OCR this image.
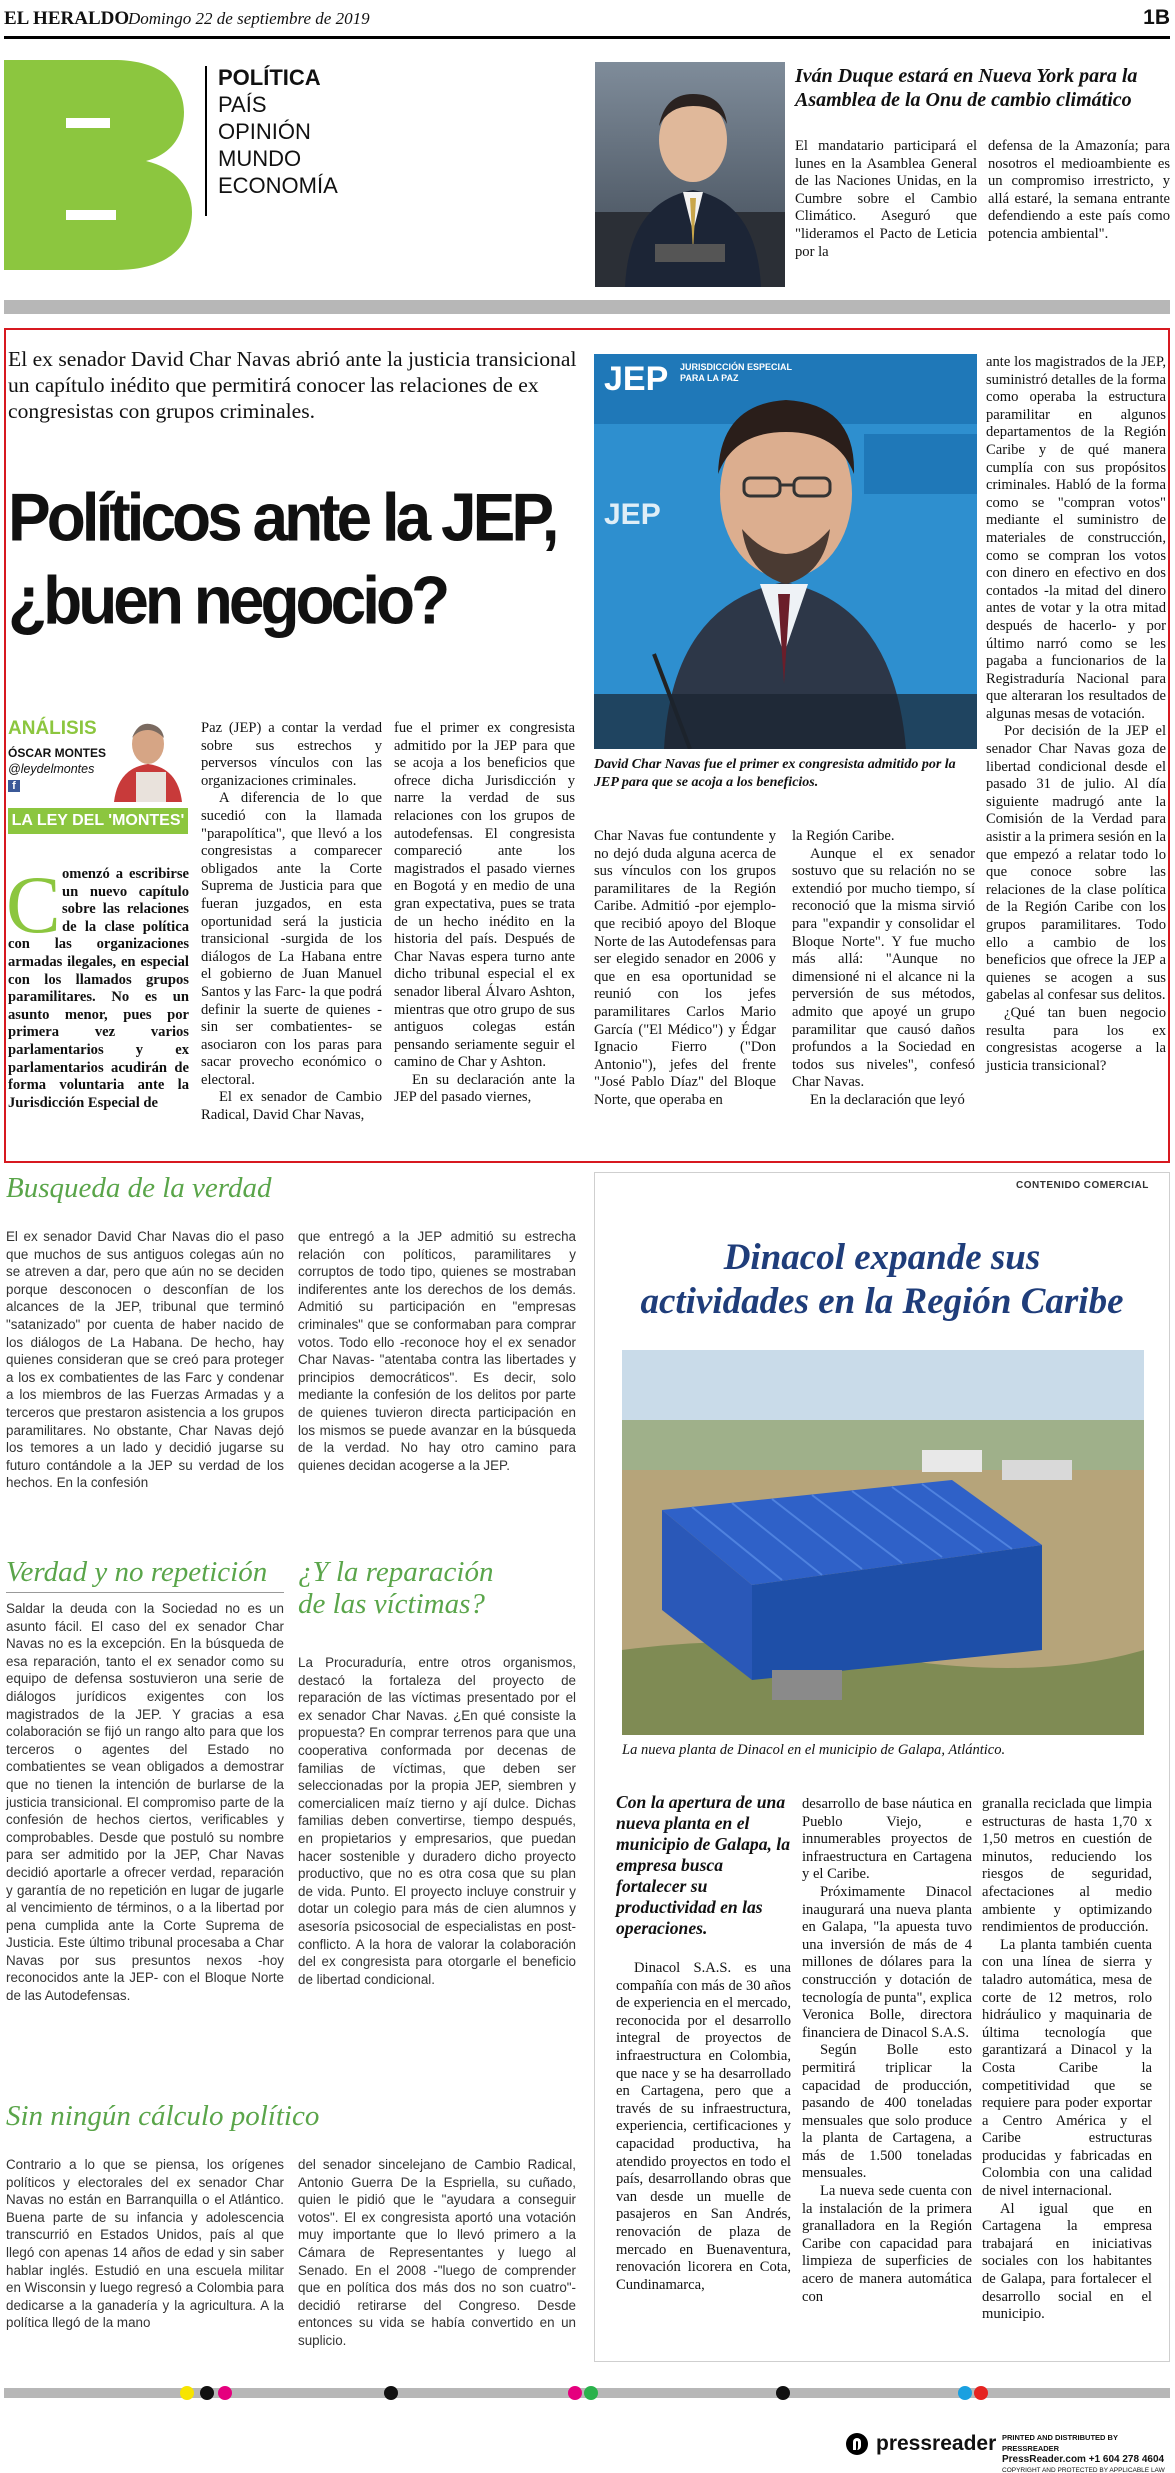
EL HERALDO
Domingo 22 de septiembre de 2019	1B
POLÍTICA
PAÍS
OPINIÓN
MUNDO
ECONOMÍA
Iván Duque estará en Nueva York para la Asamblea de la Onu de cambio climático
El mandatario participará el lunes en la Asamblea General de las Naciones Unidas, en la Cumbre sobre el Cambio Climático. Aseguró que "lideramos el Pacto de Leticia por la
defensa de la Amazonía; para nosotros el medioambiente es un compromiso irrestricto, y allá estaré, la semana entrante defendiendo a este país como potencia ambiental".
El ex senador David Char Navas abrió ante la justicia transicional un capítulo inédito que permitirá conocer las relaciones de ex congresistas con grupos criminales.
Políticos ante la JEP,
¿buen negocio?
ANÁLISIS
ÓSCAR MONTES
@leydelmontes
f
LA LEY DEL 'MONTES'
C omenzó a escribirse un nuevo capítulo sobre las relaciones de la clase política con las organizaciones armadas ilegales, en especial con los llamados grupos paramilitares. No es un asunto menor, pues por primera vez varios parlamentarios y ex parlamentarios acudirán de forma voluntaria ante la Jurisdicción Especial de

Paz (JEP) a contar la verdad sobre sus estrechos y perversos vínculos con las organizaciones criminales.

A diferencia de lo que sucedió con la llamada "parapolítica", que llevó a los congresistas a comparecer obligados ante la Corte Suprema de Justicia para que fueran juzgados, en esta oportunidad será la justicia transicional -surgida de los diálogos de La Habana entre el gobierno de Juan Manuel Santos y las Farc- la que podrá definir la suerte de quienes -sin ser combatientes- se asociaron con los paras para sacar provecho económico o electoral.

El ex senador de Cambio Radical, David Char Navas,

fue el primer ex congresista admitido por la JEP para que se acoja a los beneficios que ofrece dicha Jurisdicción y narre la verdad de sus relaciones con los grupos de autodefensas. El congresista compareció ante los magistrados el pasado viernes en Bogotá y en medio de una gran expectativa, pues se trata de un hecho inédito en la historia del país. Después de Char Navas espera turno ante dicho tribunal especial el ex senador liberal Álvaro Ashton, mientras que otro grupo de sus antiguos colegas están pensando seriamente seguir el camino de Char y Ashton.

En su declaración ante la JEP del pasado viernes,

JEP
JEP
JURISDICCIÓN ESPECIAL PARA LA PAZ
David Char Navas fue el primer ex congresista admitido por la JEP para que se acoja a los beneficios.

Char Navas fue contundente y no dejó duda alguna acerca de sus vínculos con los grupos paramilitares de la Región Caribe. Admitió -por ejemplo- que recibió apoyo del Bloque Norte de las Autodefensas para ser elegido senador en 2006 y que en esa oportunidad se reunió con los jefes paramilitares Carlos Mario García ("El Médico") y Édgar Ignacio Fierro ("Don Antonio"), jefes del frente "José Pablo Díaz" del Bloque Norte, que operaba en

la Región Caribe.

Aunque el ex senador sostuvo que su relación no se extendió por mucho tiempo, sí reconoció que la misma sirvió para "expandir y consolidar el Bloque Norte". Y fue mucho más allá: "Aunque no dimensioné ni el alcance ni la perversión de sus métodos, admito que apoyé un grupo paramilitar que causó daños profundos a la Sociedad en todos sus niveles", confesó Char Navas.

En la declaración que leyó

ante los magistrados de la JEP, suministró detalles de la forma como operaba la estructura paramilitar en algunos departamentos de la Región Caribe y de qué manera cumplía con sus propósitos criminales. Habló de la forma como se "compran votos" mediante el suministro de materiales de construcción, como se compran los votos con dinero en efectivo en dos contados -la mitad del dinero antes de votar y la otra mitad después de hacerlo- y por último narró como se les pagaba a funcionarios de la Registraduría Nacional para que alteraran los resultados de algunas mesas de votación.

Por decisión de la JEP el senador Char Navas goza de libertad condicional desde el pasado 31 de julio. Al día siguiente madrugó ante la Comisión de la Verdad para asistir a la primera sesión en la que empezó a relatar todo lo que conoce sobre las relaciones de la clase política de la Región Caribe con los grupos paramilitares. Todo ello a cambio de los beneficios que ofrece la JEP a quienes se acogen a sus gabelas al confesar sus delitos.

¿Qué tan buen negocio resulta para los ex congresistas acogerse a la justicia transicional?

Busqueda de la verdad
El ex senador David Char Navas dio el paso que muchos de sus antiguos colegas aún no se atreven a dar, pero que aún no se deciden porque desconocen o desconfían de los alcances de la JEP, tribunal que terminó "satanizado" por cuenta de haber nacido de los diálogos de La Habana. De hecho, hay quienes consideran que se creó para proteger a los ex combatientes de las Farc y condenar a los miembros de las Fuerzas Armadas y a terceros que prestaron asistencia a los grupos paramilitares. No obstante, Char Navas dejó los temores a un lado y decidió jugarse su futuro contándole a la JEP su verdad de los hechos. En la confesión
que entregó a la JEP admitió su estrecha relación con políticos, paramilitares y corruptos de todo tipo, quienes se mostraban indiferentes ante los derechos de los demás. Admitió su participación en "empresas criminales" que se conformaban para comprar votos. Todo ello -reconoce hoy el ex senador Char Navas- "atentaba contra las libertades y principios democráticos". Es decir, solo mediante la confesión de los delitos por parte de quienes tuvieron directa participación en los mismos se puede avanzar en la búsqueda de la verdad. No hay otro camino para quienes decidan acogerse a la JEP.
Verdad y no repetición
Saldar la deuda con la Sociedad no es un asunto fácil. El caso del ex senador Char Navas no es la excepción. En la búsqueda de esa reparación, tanto el ex senador como su equipo de defensa sostuvieron una serie de diálogos jurídicos exigentes con los magistrados de la JEP. Y gracias a esa colaboración se fijó un rango alto para que los terceros o agentes del Estado no combatientes se vean obligados a demostrar que no tienen la intención de burlarse de la justicia transicional. El compromiso parte de la confesión de hechos ciertos, verificables y comprobables. Desde que postuló su nombre para ser admitido por la JEP, Char Navas decidió aportarle a ofrecer verdad, reparación y garantía de no repetición en lugar de jugarle al vencimiento de términos, o a la libertad por pena cumplida ante la Corte Suprema de Justicia. Este último tribunal procesaba a Char Navas por sus presuntos nexos -hoy reconocidos ante la JEP- con el Bloque Norte de las Autodefensas.
¿Y la reparación
de las víctimas?
La Procuraduría, entre otros organismos, destacó la fortaleza del proyecto de reparación de las víctimas presentado por el ex senador Char Navas. ¿En qué consiste la propuesta? En comprar terrenos para que una cooperativa conformada por decenas de familias de víctimas, que deben ser seleccionadas por la propia JEP, siembren y comercialicen maíz tierno y ají dulce. Dichas familias deben convertirse, tiempo después, en propietarios y empresarios, que puedan hacer sostenible y duradero dicho proyecto productivo, que no es otra cosa que su plan de vida. Punto. El proyecto incluye construir y dotar un colegio para más de cien alumnos y asesoría psicosocial de especialistas en post-conflicto. A la hora de valorar la colaboración del ex congresista para otorgarle el beneficio de libertad condicional.
Sin ningún cálculo político
Contrario a lo que se piensa, los orígenes políticos y electorales del ex senador Char Navas no están en Barranquilla o el Atlántico. Buena parte de su infancia y adolescencia transcurrió en Estados Unidos, país al que llegó con apenas 14 años de edad y sin saber hablar inglés. Estudió en una escuela militar en Wisconsin y luego regresó a Colombia para dedicarse a la ganadería y la agricultura. A la política llegó de la mano
del senador sincelejano de Cambio Radical, Antonio Guerra De la Espriella, su cuñado, quien le pidió que le "ayudara a conseguir votos". El ex congresista aportó una votación muy importante que lo llevó primero a la Cámara de Representantes y luego al Senado. En el 2008 -"luego de comprender que en política dos más dos no son cuatro"- decidió retirarse del Congreso. Desde entonces su vida se había convertido en un suplicio.
CONTENIDO COMERCIAL
Dinacol expande sus
actividades en la Región Caribe
La nueva planta de Dinacol en el municipio de Galapa, Atlántico.
Con la apertura de una nueva planta en el municipio de Galapa, la empresa busca fortalecer su productividad en las operaciones.

Dinacol S.A.S. es una compañía con más de 30 años de experiencia en el mercado, reconocida por el desarrollo integral de proyectos de infraestructura en Colombia, que nace y se ha desarrollado en Cartagena, pero que a través de su infraestructura, experiencia, certificaciones y capacidad productiva, ha atendido proyectos en todo el país, desarrollando obras que van desde un muelle de pasajeros en San Andrés, renovación de plaza de mercado en Buenaventura, renovación licorera en Cota, Cundinamarca,

desarrollo de base náutica en Pueblo Viejo, e innumerables proyectos de infraestructura en Cartagena y el Caribe.

Próximamente Dinacol inaugurará una nueva planta en Galapa, "la apuesta tuvo una inversión de más de 4 millones de dólares para la construcción y dotación de tecnología de punta", explica Veronica Bolle, directora financiera de Dinacol S.A.S.

Según Bolle esto permitirá triplicar la capacidad de producción, pasando de 400 toneladas mensuales que solo produce la planta de Cartagena, a más de 1.500 toneladas mensuales.

La nueva sede cuenta con la instalación de la primera granalladora en la Región Caribe con capacidad para limpieza de superficies de acero de manera automática con

granalla reciclada que limpia estructuras de hasta 1,70 x 1,50 metros en cuestión de minutos, reduciendo los riesgos de seguridad, afectaciones al medio ambiente y optimizando rendimientos de producción.

La planta también cuenta con una línea de sierra y taladro automática, mesa de corte de 12 metros, rolo hidráulico y maquinaria de última tecnología que garantizará a Dinacol y la Costa Caribe la competitividad que se requiere para poder exportar a Centro América y el Caribe estructuras producidas y fabricadas en Colombia con una calidad de nivel internacional.

Al igual que en Cartagena la empresa trabajará en iniciativas sociales con los habitantes de Galapa, para fortalecer el desarrollo social en el municipio.

pressreader PRINTED AND DISTRIBUTED BY PRESSREADER
PressReader.com +1 604 278 4604
COPYRIGHT AND PROTECTED BY APPLICABLE LAW
